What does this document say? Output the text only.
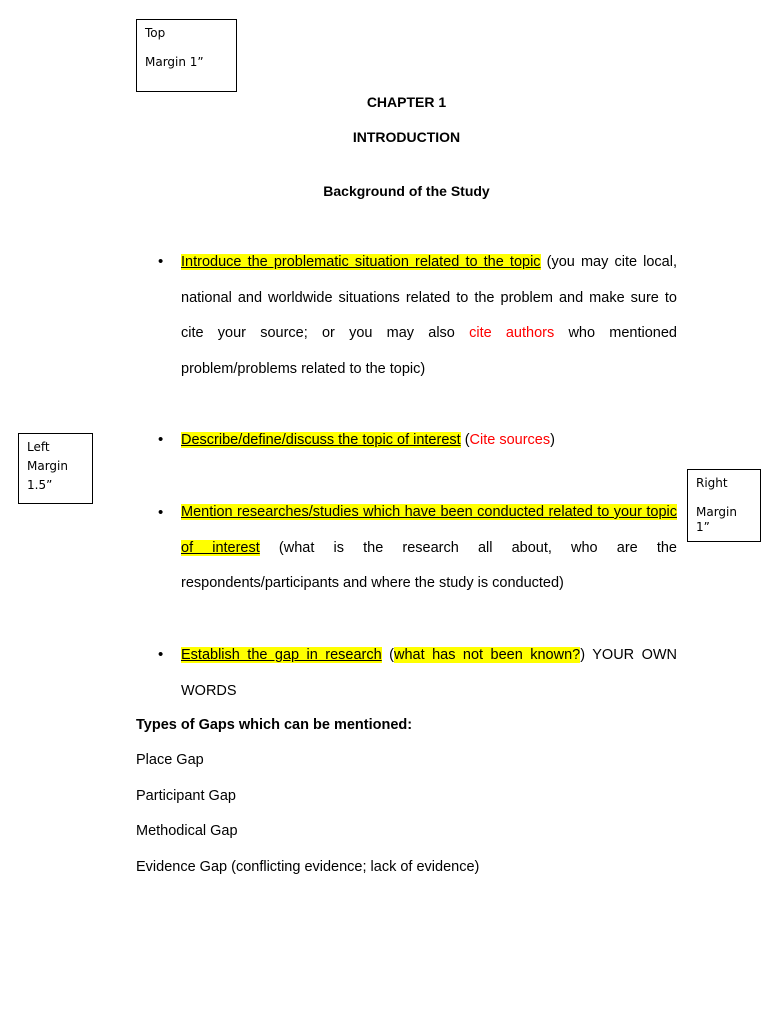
Top
Margin 1”
Left
Margin
1.5”	Right
Margin
1”
CHAPTER 1
INTRODUCTION
Background of the Study
• Introduce the problematic situation related to the topic (you may cite local, national and worldwide situations related to the problem and make sure to cite your source; or you may also cite authors who mentioned problem/problems related to the topic)
• Describe/define/discuss the topic of interest (Cite sources)
• Mention researches/studies which have been conducted related to your topic of interest (what is the research all about, who are the respondents/participants and where the study is conducted)
• Establish the gap in research (what has not been known?) YOUR OWN WORDS
Types of Gaps which can be mentioned:
Place Gap
Participant Gap
Methodical Gap
Evidence Gap (conflicting evidence; lack of evidence)
